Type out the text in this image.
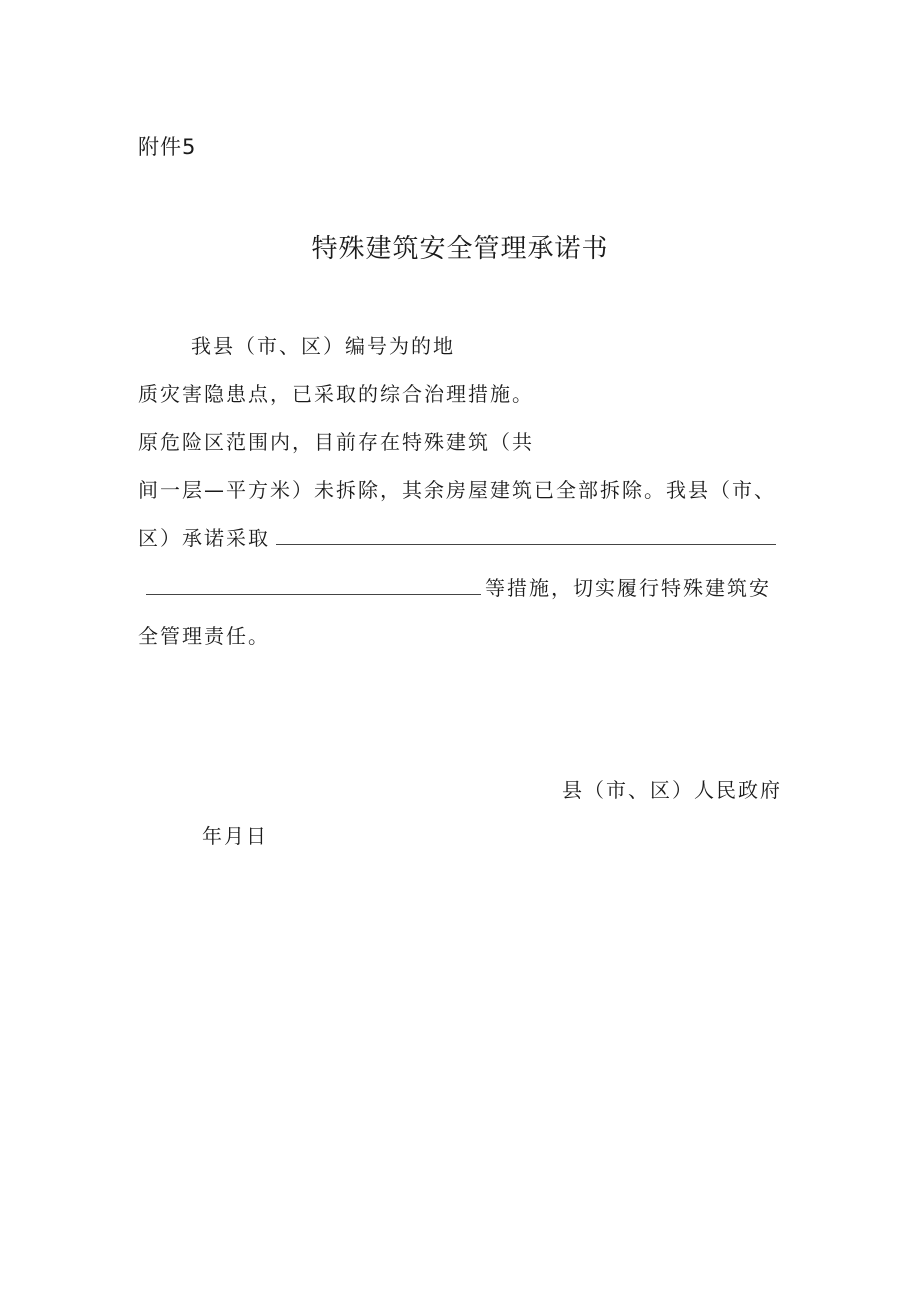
附件5
特殊建筑安全管理承诺书
我县（市、区）编号为的地
质灾害隐患点，已采取的综合治理措施。
原危险区范围内，目前存在特殊建筑（共
间一层—平方米）未拆除，其余房屋建筑已全部拆除。我县（市、
区）承诺采取
等措施，切实履行特殊建筑安
全管理责任。
县（市、区）人民政府
年月日
